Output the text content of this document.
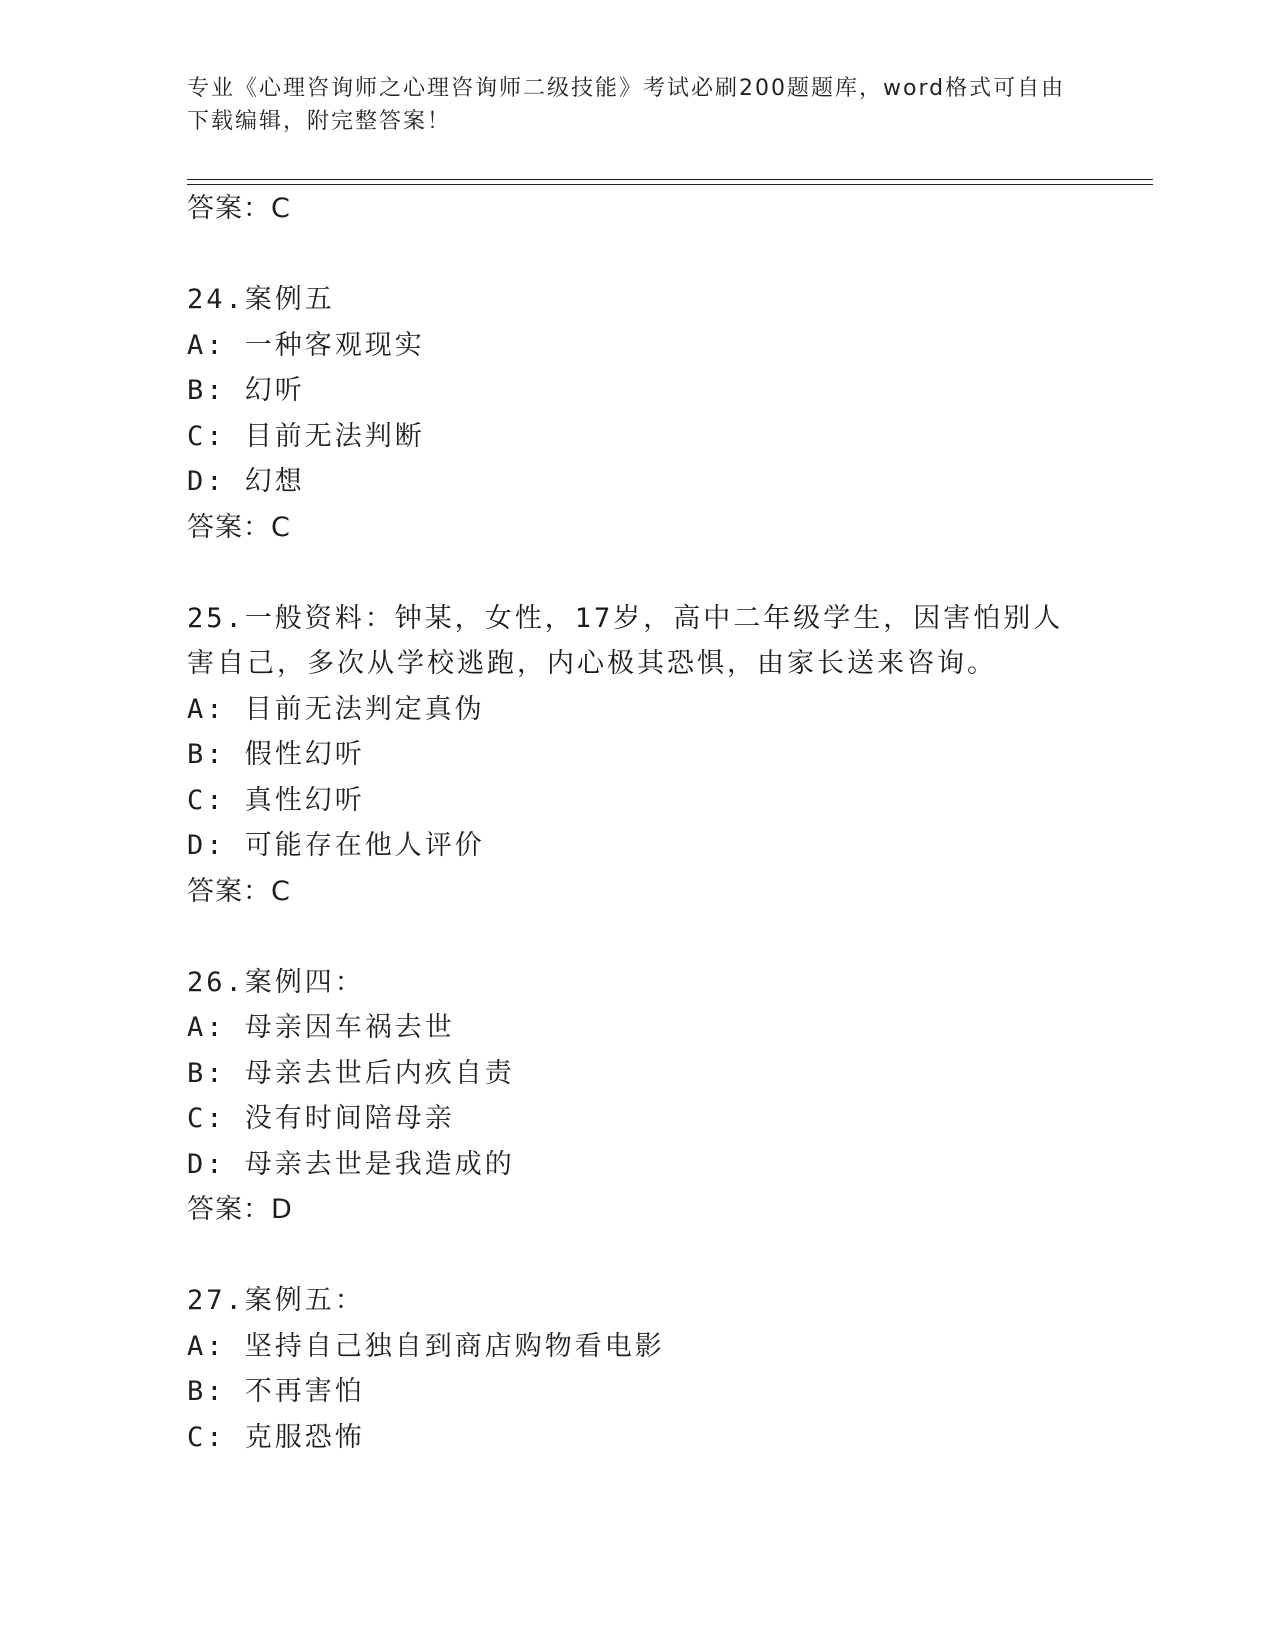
专业《心理咨询师之心理咨询师二级技能》考试必刷200题题库，word格式可自由下载编辑，附完整答案！
答案：C
24.案例五
A: 一种客观现实
B: 幻听
C: 目前无法判断
D: 幻想
答案：C
25.一般资料：钟某，女性，17岁，高中二年级学生，因害怕别人害自己，多次从学校逃跑，内心极其恐惧，由家长送来咨询。
A: 目前无法判定真伪
B: 假性幻听
C: 真性幻听
D: 可能存在他人评价
答案：C
26.案例四：
A: 母亲因车祸去世
B: 母亲去世后内疚自责
C: 没有时间陪母亲
D: 母亲去世是我造成的
答案：D
27.案例五：
A: 坚持自己独自到商店购物看电影
B: 不再害怕
C: 克服恐怖
